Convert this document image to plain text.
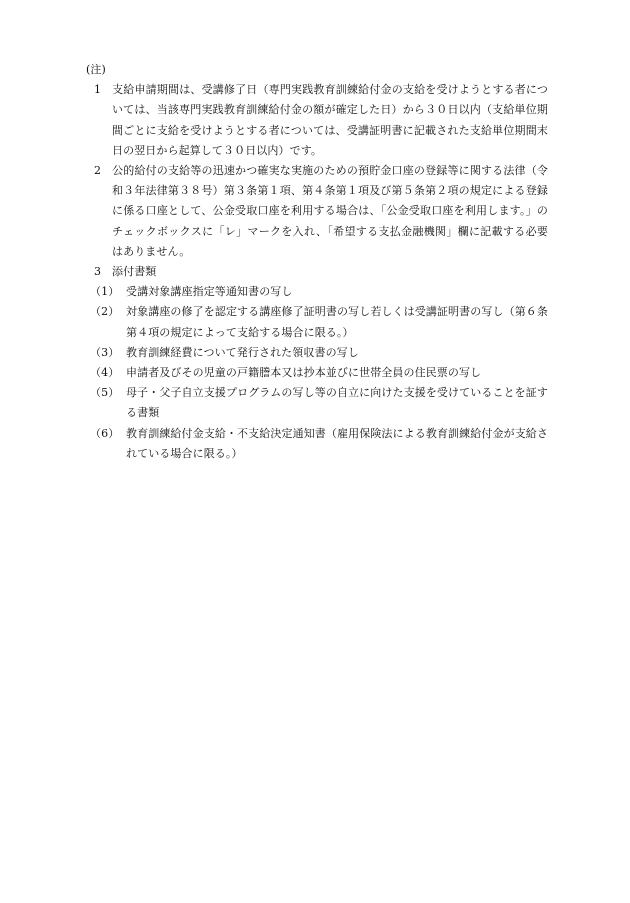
(注)
1 支給申請期間は、受講修了日（専門実践教育訓練給付金の支給を受けようとする者については、当該専門実践教育訓練給付金の額が確定した日）から３０日以内（支給単位期間ごとに支給を受けようとする者については、受講証明書に記載された支給単位期間末日の翌日から起算して３０日以内）です。
2 公的給付の支給等の迅速かつ確実な実施のための預貯金口座の登録等に関する法律（令和３年法律第３８号）第３条第１項、第４条第１項及び第５条第２項の規定による登録に係る口座として、公金受取口座を利用する場合は、「公金受取口座を利用します。」のチェックボックスに「レ」マークを入れ、「希望する支払金融機関」欄に記載する必要はありません。
3 添付書類
（1） 受講対象講座指定等通知書の写し
（2） 対象講座の修了を認定する講座修了証明書の写し若しくは受講証明書の写し（第６条第４項の規定によって支給する場合に限る。）
（3） 教育訓練経費について発行された領収書の写し
（4） 申請者及びその児童の戸籍謄本又は抄本並びに世帯全員の住民票の写し
（5） 母子・父子自立支援プログラムの写し等の自立に向けた支援を受けていることを証する書類
（6） 教育訓練給付金支給・不支給決定通知書（雇用保険法による教育訓練給付金が支給されている場合に限る。）
